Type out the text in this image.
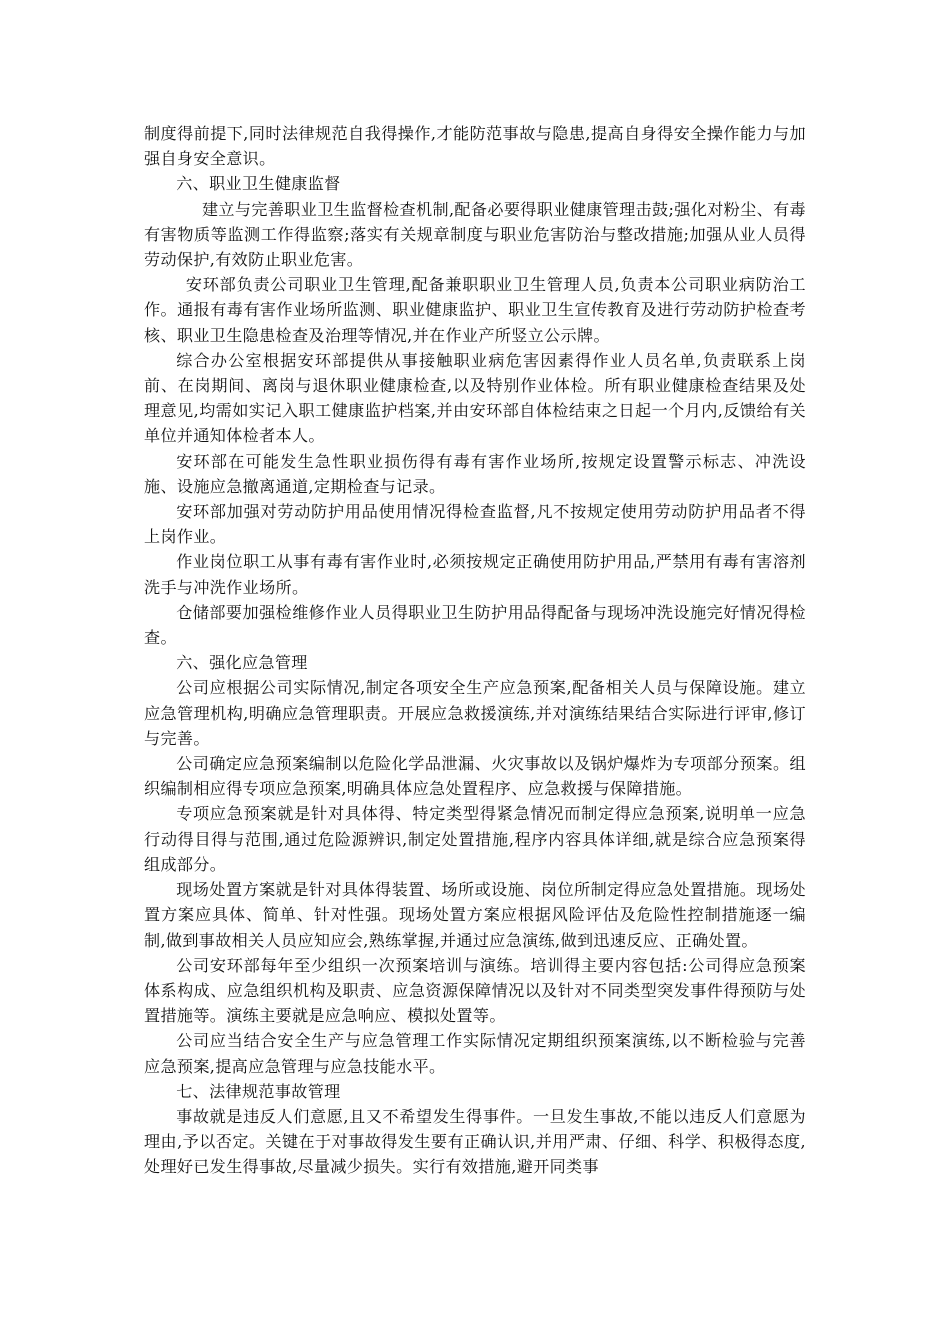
制度得前提下,同时法律规范自我得操作,才能防范事故与隐患,提高自身得安全操作能力与加强自身安全意识。

六、职业卫生健康监督

建立与完善职业卫生监督检查机制,配备必要得职业健康管理击鼓;强化对粉尘、有毒有害物质等监测工作得监察;落实有关规章制度与职业危害防治与整改措施;加强从业人员得劳动保护,有效防止职业危害。

安环部负责公司职业卫生管理,配备兼职职业卫生管理人员,负责本公司职业病防治工作。通报有毒有害作业场所监测、职业健康监护、职业卫生宣传教育及进行劳动防护检查考核、职业卫生隐患检查及治理等情况,并在作业产所竖立公示牌。

综合办公室根据安环部提供从事接触职业病危害因素得作业人员名单,负责联系上岗前、在岗期间、离岗与退休职业健康检查,以及特别作业体检。所有职业健康检查结果及处理意见,均需如实记入职工健康监护档案,并由安环部自体检结束之日起一个月内,反馈给有关单位并通知体检者本人。

安环部在可能发生急性职业损伤得有毒有害作业场所,按规定设置警示标志、冲洗设施、设施应急撤离通道,定期检查与记录。

安环部加强对劳动防护用品使用情况得检查监督,凡不按规定使用劳动防护用品者不得上岗作业。

作业岗位职工从事有毒有害作业时,必须按规定正确使用防护用品,严禁用有毒有害溶剂洗手与冲洗作业场所。

仓储部要加强检维修作业人员得职业卫生防护用品得配备与现场冲洗设施完好情况得检查。

六、强化应急管理

公司应根据公司实际情况,制定各项安全生产应急预案,配备相关人员与保障设施。建立应急管理机构,明确应急管理职责。开展应急救援演练,并对演练结果结合实际进行评审,修订与完善。

公司确定应急预案编制以危险化学品泄漏、火灾事故以及锅炉爆炸为专项部分预案。组织编制相应得专项应急预案,明确具体应急处置程序、应急救援与保障措施。

专项应急预案就是针对具体得、特定类型得紧急情况而制定得应急预案,说明单一应急行动得目得与范围,通过危险源辨识,制定处置措施,程序内容具体详细,就是综合应急预案得组成部分。

现场处置方案就是针对具体得装置、场所或设施、岗位所制定得应急处置措施。现场处置方案应具体、简单、针对性强。现场处置方案应根据风险评估及危险性控制措施逐一编制,做到事故相关人员应知应会,熟练掌握,并通过应急演练,做到迅速反应、正确处置。

公司安环部每年至少组织一次预案培训与演练。培训得主要内容包括:公司得应急预案体系构成、应急组织机构及职责、应急资源保障情况以及针对不同类型突发事件得预防与处置措施等。演练主要就是应急响应、模拟处置等。

公司应当结合安全生产与应急管理工作实际情况定期组织预案演练,以不断检验与完善应急预案,提高应急管理与应急技能水平。

七、法律规范事故管理

事故就是违反人们意愿,且又不希望发生得事件。一旦发生事故,不能以违反人们意愿为理由,予以否定。关键在于对事故得发生要有正确认识,并用严肃、仔细、科学、积极得态度,处理好已发生得事故,尽量减少损失。实行有效措施,避开同类事
